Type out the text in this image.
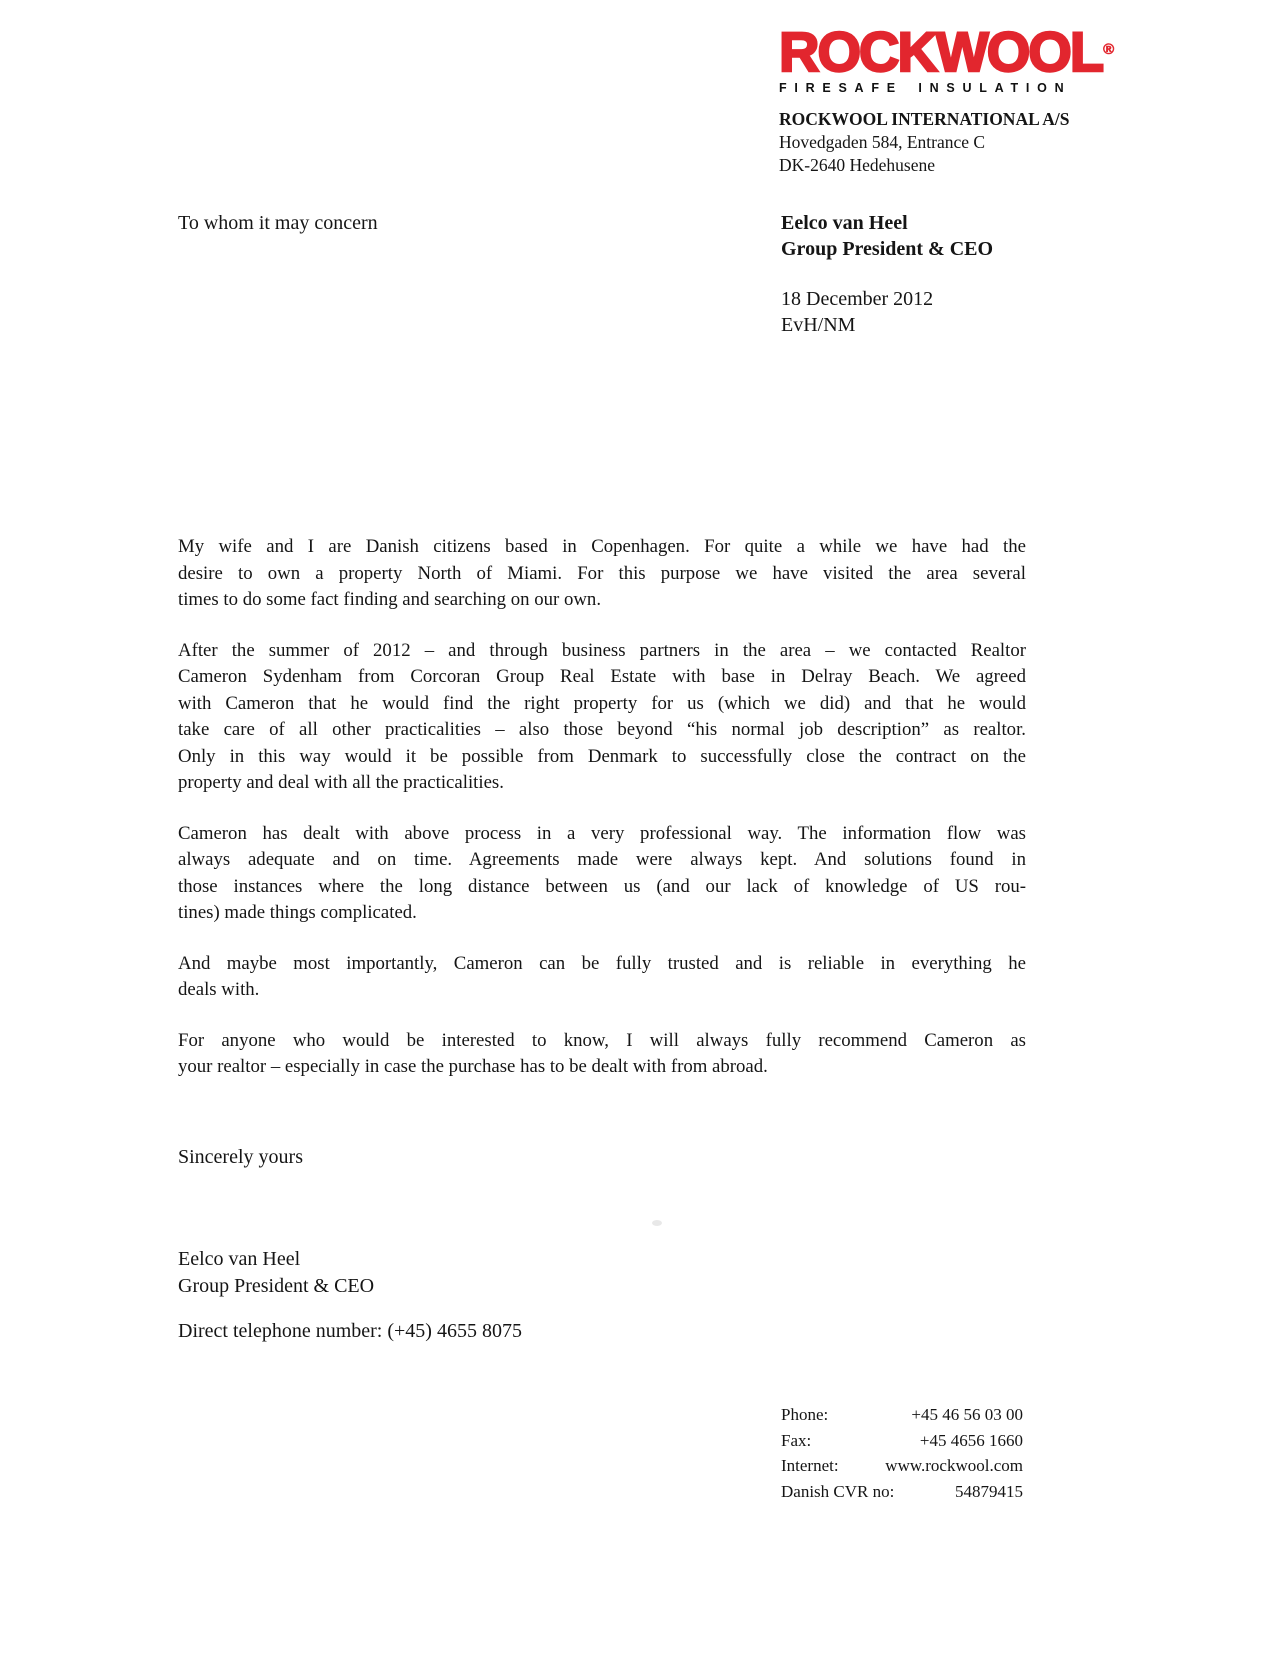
ROCKWOOL®
FIRESAFE INSULATION
ROCKWOOL INTERNATIONAL A/S
Hovedgaden 584, Entrance C
DK-2640 Hedehusene
To whom it may concern	Eelco van Heel
Group President & CEO
18 December 2012
EvH/NM

My wife and I are Danish citizens based in Copenhagen. For quite a while we have had the
desire to own a property North of Miami. For this purpose we have visited the area several
times to do some fact finding and searching on our own.

After the summer of 2012 – and through business partners in the area – we contacted Realtor
Cameron Sydenham from Corcoran Group Real Estate with base in Delray Beach. We agreed
with Cameron that he would find the right property for us (which we did) and that he would
take care of all other practicalities – also those beyond “his normal job description” as realtor.
Only in this way would it be possible from Denmark to successfully close the contract on the
property and deal with all the practicalities.

Cameron has dealt with above process in a very professional way. The information flow was
always adequate and on time. Agreements made were always kept. And solutions found in
those instances where the long distance between us (and our lack of knowledge of US rou-
tines) made things complicated.

And maybe most importantly, Cameron can be fully trusted and is reliable in everything he
deals with.

For anyone who would be interested to know, I will always fully recommend Cameron as
your realtor – especially in case the purchase has to be dealt with from abroad.

Sincerely yours
Eelco van Heel
Group President & CEO
Direct telephone number: (+45) 4655 8075
Phone:	+45 46 56 03 00
Fax:	+45 4656 1660
Internet:	www.rockwool.com
Danish CVR no:	54879415
